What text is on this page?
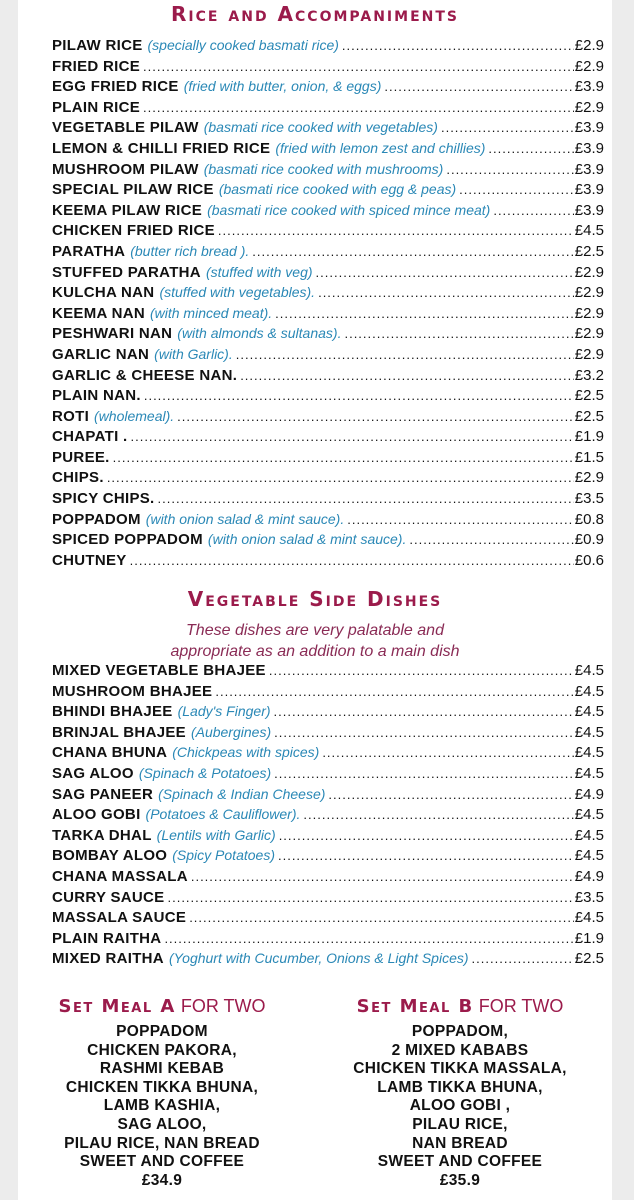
Rice and Accompaniments
PILAW RICE (specially cooked basmati rice) .....	£2.9
FRIED RICE .....	£2.9
EGG FRIED RICE (fried with butter, onion, & eggs) .....	£3.9
PLAIN RICE .....	£2.9
VEGETABLE PILAW (basmati rice cooked with vegetables) .....	£3.9
LEMON & CHILLI FRIED RICE (fried with lemon zest and chillies) .....	£3.9
MUSHROOM PILAW (basmati rice cooked with mushrooms) .....	£3.9
SPECIAL PILAW RICE (basmati rice cooked with egg & peas) .....	£3.9
KEEMA PILAW RICE (basmati rice cooked with spiced mince meat) .....	£3.9
CHICKEN FRIED RICE .....	£4.5
PARATHA (butter rich bread ). .....	£2.5
STUFFED PARATHA (stuffed with veg) .....	£2.9
KULCHA NAN (stuffed with vegetables). .....	£2.9
KEEMA NAN (with minced meat). .....	£2.9
PESHWARI NAN (with almonds & sultanas). .....	£2.9
GARLIC NAN (with Garlic). .....	£2.9
GARLIC & CHEESE NAN. .....	£3.2
PLAIN NAN. .....	£2.5
ROTI (wholemeal). .....	£2.5
CHAPATI . .....	£1.9
PUREE. .....	£1.5
CHIPS. .....	£2.9
SPICY CHIPS. .....	£3.5
POPPADOM (with onion salad & mint sauce). .....	£0.8
SPICED POPPADOM (with onion salad & mint sauce). .....	£0.9
CHUTNEY .....	£0.6
Vegetable Side Dishes
These dishes are very palatable and
appropriate as an addition to a main dish
MIXED VEGETABLE BHAJEE .....	£4.5
MUSHROOM BHAJEE .....	£4.5
BHINDI BHAJEE (Lady's Finger) .....	£4.5
BRINJAL BHAJEE (Aubergines) .....	£4.5
CHANA BHUNA (Chickpeas with spices) .....	£4.5
SAG ALOO (Spinach & Potatoes) .....	£4.5
SAG PANEER (Spinach & Indian Cheese) .....	£4.9
ALOO GOBI (Potatoes & Cauliflower). .....	£4.5
TARKA DHAL (Lentils with Garlic) .....	£4.5
BOMBAY ALOO (Spicy Potatoes) .....	£4.5
CHANA MASSALA .....	£4.9
CURRY SAUCE .....	£3.5
MASSALA SAUCE .....	£4.5
PLAIN RAITHA .....	£1.9
MIXED RAITHA (Yoghurt with Cucumber, Onions & Light Spices) .....	£2.5
Set Meal A FOR TWO
POPPADOM
CHICKEN PAKORA,
RASHMI KEBAB
CHICKEN TIKKA BHUNA,
LAMB KASHIA,
SAG ALOO,
PILAU RICE, NAN BREAD
SWEET AND COFFEE
£34.9
Set Meal B FOR TWO
POPPADOM,
2 MIXED KABABS
CHICKEN TIKKA MASSALA,
LAMB TIKKA BHUNA,
ALOO GOBI ,
PILAU RICE,
NAN BREAD
SWEET AND COFFEE
£35.9
